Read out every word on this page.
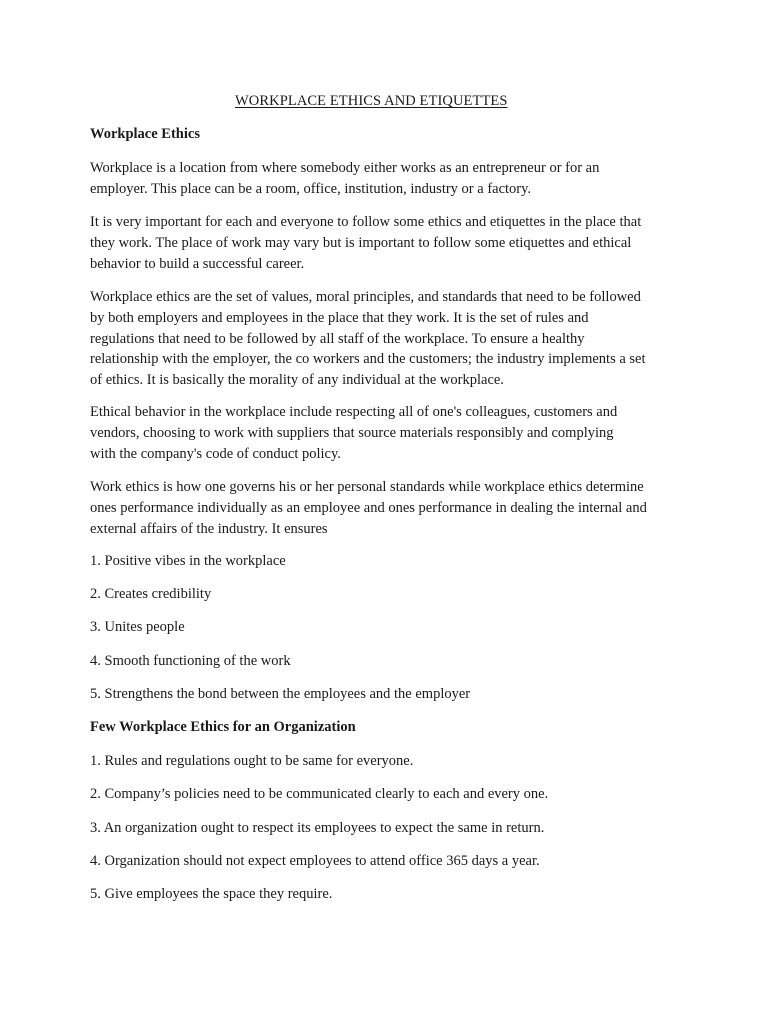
WORKPLACE ETHICS AND ETIQUETTES
Workplace Ethics
Workplace is a location from where somebody either works as an entrepreneur or for an
employer. This place can be a room, office, institution, industry or a factory.
It is very important for each and everyone to follow some ethics and etiquettes in the place that
they work. The place of work may vary but is important to follow some etiquettes and ethical
behavior to build a successful career.
Workplace ethics are the set of values, moral principles, and standards that need to be followed
by both employers and employees in the place that they work. It is the set of rules and
regulations that need to be followed by all staff of the workplace. To ensure a healthy
relationship with the employer, the co workers and the customers; the industry implements a set
of ethics. It is basically the morality of any individual at the workplace.
Ethical behavior in the workplace include respecting all of one's colleagues, customers and
vendors, choosing to work with suppliers that source materials responsibly and complying
with the company's code of conduct policy.
Work ethics is how one governs his or her personal standards while workplace ethics determine
ones performance individually as an employee and ones performance in dealing the internal and
external affairs of the industry. It ensures
1. Positive vibes in the workplace
2. Creates credibility
3. Unites people
4. Smooth functioning of the work
5. Strengthens the bond between the employees and the employer
Few Workplace Ethics for an Organization
1. Rules and regulations ought to be same for everyone.
2. Company’s policies need to be communicated clearly to each and every one.
3. An organization ought to respect its employees to expect the same in return.
4. Organization should not expect employees to attend office 365 days a year.
5. Give employees the space they require.
